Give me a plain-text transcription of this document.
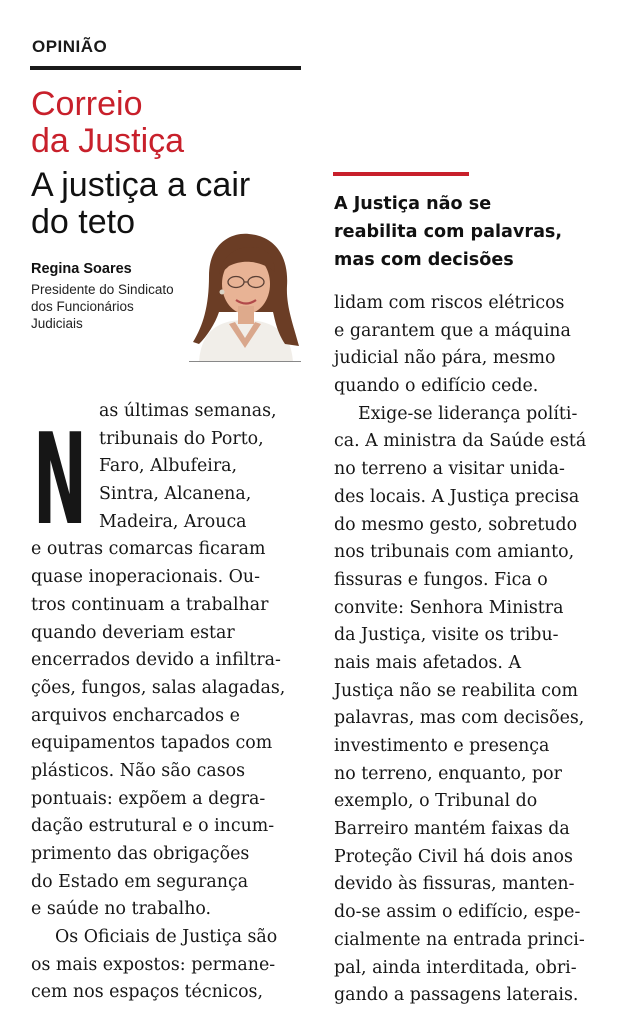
OPINIÃO
Correio
da Justiça
A justiça a cair
do teto
Regina Soares
Presidente do Sindicato
dos Funcionários
Judiciais
N as últimas semanas,
tribunais do Porto,
Faro, Albufeira,
Sintra, Alcanena,
Madeira, Arouca
e outras comarcas ficaram
quase inoperacionais. Ou-
tros continuam a trabalhar
quando deveriam estar
encerrados devido a infiltra-
ções, fungos, salas alagadas,
arquivos encharcados e
equipamentos tapados com
plásticos. Não são casos
pontuais: expõem a degra-
dação estrutural e o incum-
primento das obrigações
do Estado em segurança
e saúde no trabalho.
Os Oficiais de Justiça são
os mais expostos: permane-
cem nos espaços técnicos,
A Justiça não se
reabilita com palavras,
mas com decisões
lidam com riscos elétricos
e garantem que a máquina
judicial não pára, mesmo
quando o edifício cede.
Exige-se liderança políti-
ca. A ministra da Saúde está
no terreno a visitar unida-
des locais. A Justiça precisa
do mesmo gesto, sobretudo
nos tribunais com amianto,
fissuras e fungos. Fica o
convite: Senhora Ministra
da Justiça, visite os tribu-
nais mais afetados. A
Justiça não se reabilita com
palavras, mas com decisões,
investimento e presença
no terreno, enquanto, por
exemplo, o Tribunal do
Barreiro mantém faixas da
Proteção Civil há dois anos
devido às fissuras, manten-
do-se assim o edifício, espe-
cialmente na entrada princi-
pal, ainda interditada, obri-
gando a passagens laterais.
